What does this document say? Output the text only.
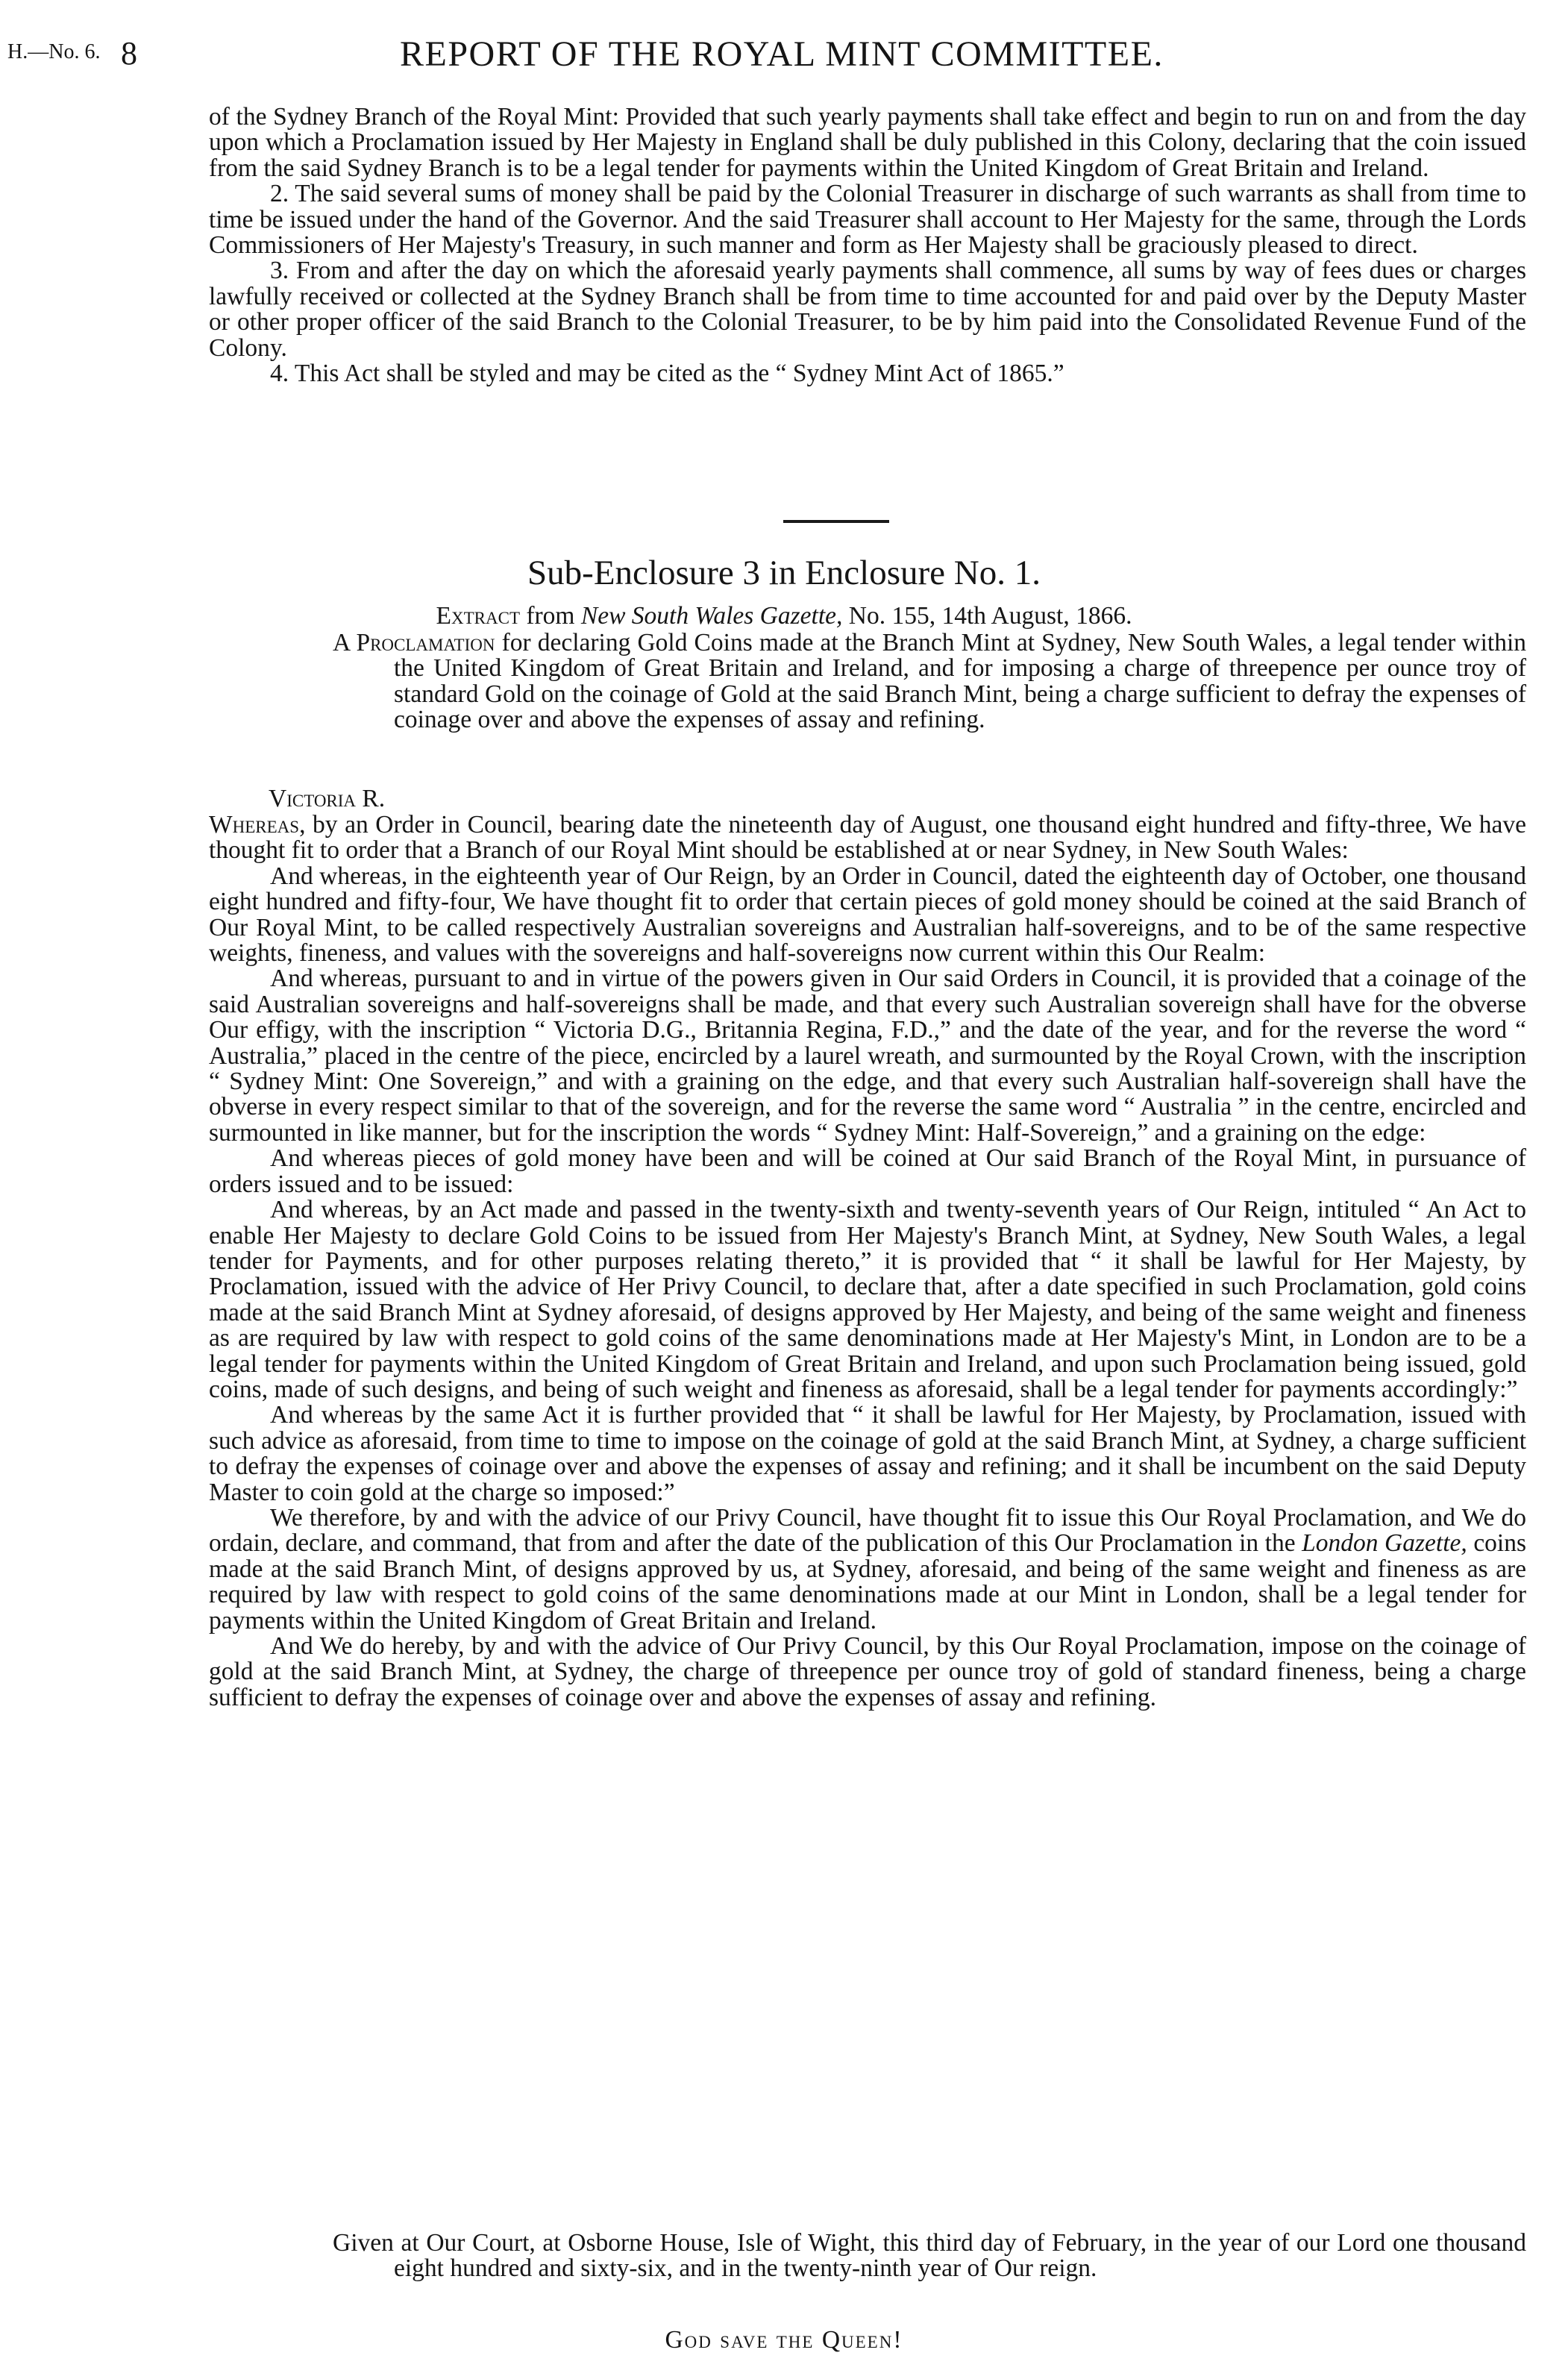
H.—No. 6. 8	REPORT OF THE ROYAL MINT COMMITTEE.

of the Sydney Branch of the Royal Mint: Provided that such yearly payments shall take effect and begin to run on and from the day upon which a Proclamation issued by Her Majesty in England shall be duly published in this Colony, declaring that the coin issued from the said Sydney Branch is to be a legal tender for payments within the United Kingdom of Great Britain and Ireland.

2. The said several sums of money shall be paid by the Colonial Treasurer in discharge of such warrants as shall from time to time be issued under the hand of the Governor. And the said Treasurer shall account to Her Majesty for the same, through the Lords Commissioners of Her Majesty's Treasury, in such manner and form as Her Majesty shall be graciously pleased to direct.

3. From and after the day on which the aforesaid yearly payments shall commence, all sums by way of fees dues or charges lawfully received or collected at the Sydney Branch shall be from time to time accounted for and paid over by the Deputy Master or other proper officer of the said Branch to the Colonial Treasurer, to be by him paid into the Consolidated Revenue Fund of the Colony.

4. This Act shall be styled and may be cited as the “ Sydney Mint Act of 1865.”

Sub-Enclosure 3 in Enclosure No. 1.
Extract from New South Wales Gazette, No. 155, 14th August, 1866.
A Proclamation for declaring Gold Coins made at the Branch Mint at Sydney, New South Wales, a legal tender within the United Kingdom of Great Britain and Ireland, and for imposing a charge of threepence per ounce troy of standard Gold on the coinage of Gold at the said Branch Mint, being a charge sufficient to defray the expenses of coinage over and above the expenses of assay and refining.
Victoria R.

Whereas, by an Order in Council, bearing date the nineteenth day of August, one thousand eight hundred and fifty-three, We have thought fit to order that a Branch of our Royal Mint should be established at or near Sydney, in New South Wales:

And whereas, in the eighteenth year of Our Reign, by an Order in Council, dated the eighteenth day of October, one thousand eight hundred and fifty-four, We have thought fit to order that certain pieces of gold money should be coined at the said Branch of Our Royal Mint, to be called respectively Australian sovereigns and Australian half-sovereigns, and to be of the same respective weights, fineness, and values with the sovereigns and half-sovereigns now current within this Our Realm:

And whereas, pursuant to and in virtue of the powers given in Our said Orders in Council, it is provided that a coinage of the said Australian sovereigns and half-sovereigns shall be made, and that every such Australian sovereign shall have for the obverse Our effigy, with the inscription “ Victoria D.G., Britannia Regina, F.D.,” and the date of the year, and for the reverse the word “ Australia,” placed in the centre of the piece, encircled by a laurel wreath, and surmounted by the Royal Crown, with the inscription “ Sydney Mint: One Sovereign,” and with a graining on the edge, and that every such Australian half-sovereign shall have the obverse in every respect similar to that of the sovereign, and for the reverse the same word “ Australia ” in the centre, encircled and surmounted in like manner, but for the inscription the words “ Sydney Mint: Half-Sovereign,” and a graining on the edge:

And whereas pieces of gold money have been and will be coined at Our said Branch of the Royal Mint, in pursuance of orders issued and to be issued:

And whereas, by an Act made and passed in the twenty-sixth and twenty-seventh years of Our Reign, intituled “ An Act to enable Her Majesty to declare Gold Coins to be issued from Her Majesty's Branch Mint, at Sydney, New South Wales, a legal tender for Payments, and for other purposes relating thereto,” it is provided that “ it shall be lawful for Her Majesty, by Proclamation, issued with the advice of Her Privy Council, to declare that, after a date specified in such Proclamation, gold coins made at the said Branch Mint at Sydney aforesaid, of designs approved by Her Majesty, and being of the same weight and fineness as are required by law with respect to gold coins of the same denominations made at Her Majesty's Mint, in London are to be a legal tender for payments within the United Kingdom of Great Britain and Ireland, and upon such Proclamation being issued, gold coins, made of such designs, and being of such weight and fineness as aforesaid, shall be a legal tender for payments accordingly:”

And whereas by the same Act it is further provided that “ it shall be lawful for Her Majesty, by Proclamation, issued with such advice as aforesaid, from time to time to impose on the coinage of gold at the said Branch Mint, at Sydney, a charge sufficient to defray the expenses of coinage over and above the expenses of assay and refining; and it shall be incumbent on the said Deputy Master to coin gold at the charge so imposed:”

We therefore, by and with the advice of our Privy Council, have thought fit to issue this Our Royal Proclamation, and We do ordain, declare, and command, that from and after the date of the publication of this Our Proclamation in the London Gazette, coins made at the said Branch Mint, of designs approved by us, at Sydney, aforesaid, and being of the same weight and fineness as are required by law with respect to gold coins of the same denominations made at our Mint in London, shall be a legal tender for payments within the United Kingdom of Great Britain and Ireland.

And We do hereby, by and with the advice of Our Privy Council, by this Our Royal Proclamation, impose on the coinage of gold at the said Branch Mint, at Sydney, the charge of threepence per ounce troy of gold of standard fineness, being a charge sufficient to defray the expenses of coinage over and above the expenses of assay and refining.

Given at Our Court, at Osborne House, Isle of Wight, this third day of February, in the year of our Lord one thousand eight hundred and sixty-six, and in the twenty-ninth year of Our reign.
God save the Queen!
